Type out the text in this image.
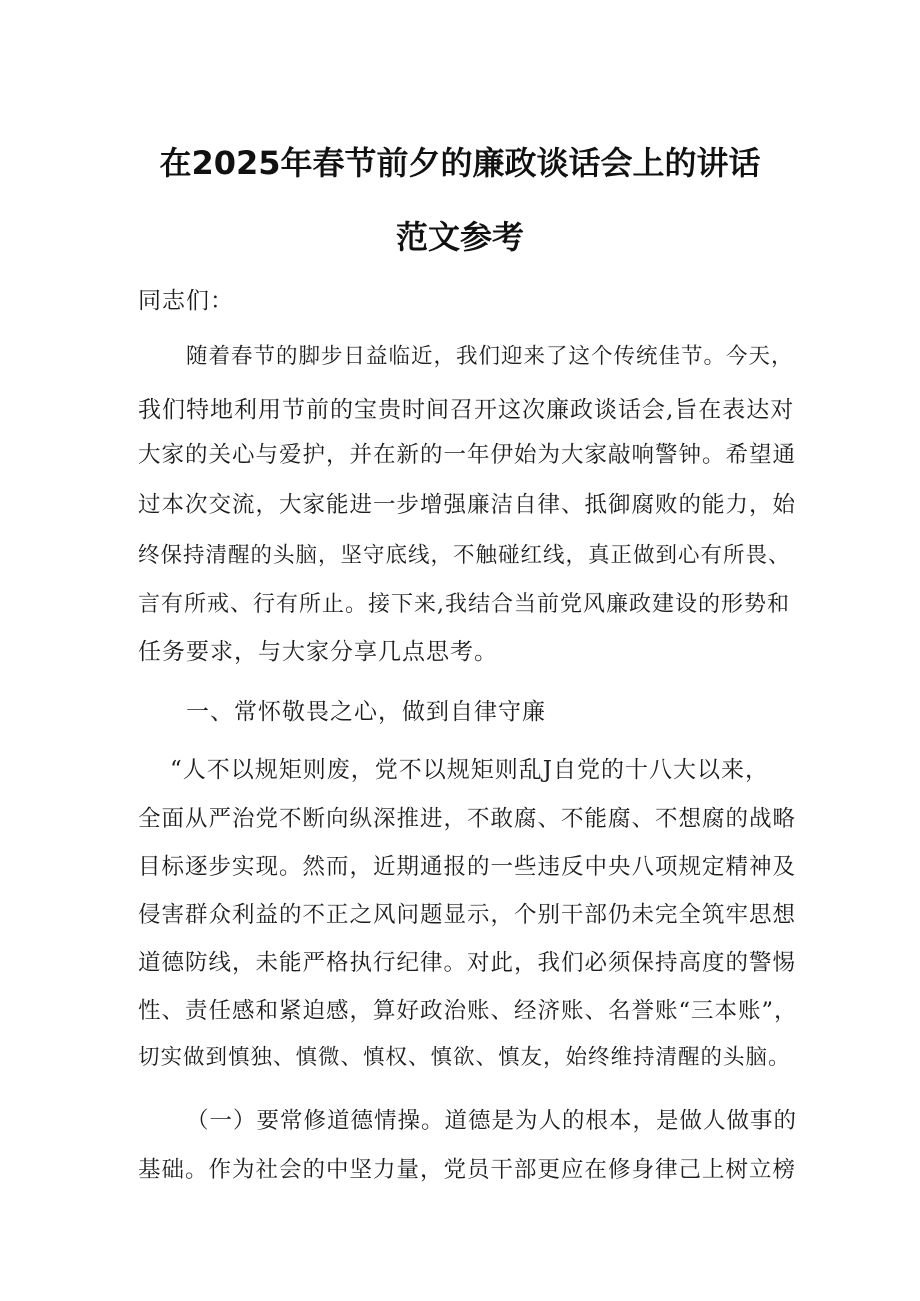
在2025年春节前夕的廉政谈话会上的讲话
范文参考
同志们：
随着春节的脚步日益临近，我们迎来了这个传统佳节。今天，
我们特地利用节前的宝贵时间召开这次廉政谈话会,旨在表达对
大家的关心与爱护，并在新的一年伊始为大家敲响警钟。希望通
过本次交流，大家能进一步增强廉洁自律、抵御腐败的能力，始
终保持清醒的头脑，坚守底线，不触碰红线，真正做到心有所畏、
言有所戒、行有所止。接下来,我结合当前党风廉政建设的形势和
任务要求，与大家分享几点思考。
一、常怀敬畏之心，做到自律守廉
“人不以规矩则废，党不以规矩则乱J自党的十八大以来，
全面从严治党不断向纵深推进，不敢腐、不能腐、不想腐的战略
目标逐步实现。然而，近期通报的一些违反中央八项规定精神及
侵害群众利益的不正之风问题显示，个别干部仍未完全筑牢思想
道德防线，未能严格执行纪律。对此，我们必须保持高度的警惕
性、责任感和紧迫感，算好政治账、经济账、名誉账“三本账”，
切实做到慎独、慎微、慎权、慎欲、慎友，始终维持清醒的头脑。
（一）要常修道德情操。道德是为人的根本，是做人做事的
基础。作为社会的中坚力量，党员干部更应在修身律己上树立榜
